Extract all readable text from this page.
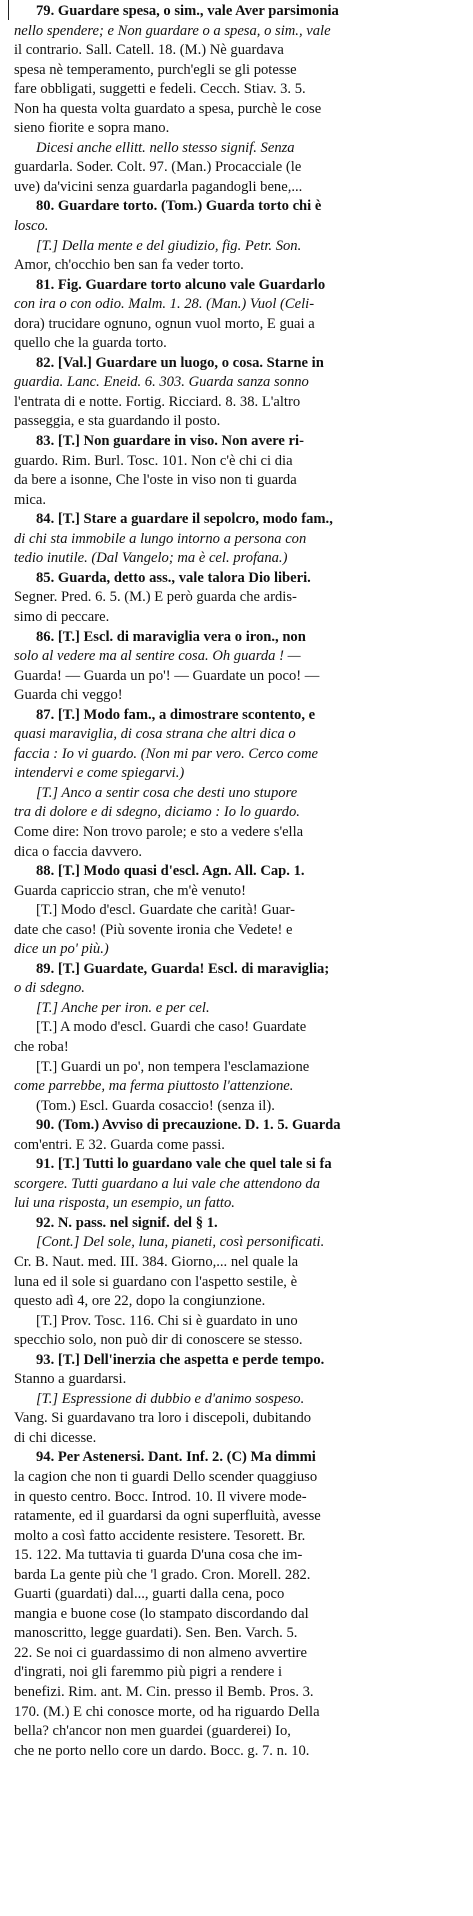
79. Guardare spesa, o sim., vale Aver parsimonia
nello spendere; e Non guardare o a spesa, o sim., vale
il contrario. Sall. Catell. 18. (M.) Nè guardava
spesa nè temperamento, purch'egli se gli potesse
fare obbligati, suggetti e fedeli. Cecch. Stiav. 3. 5.
Non ha questa volta guardato a spesa, purchè le cose
sieno fiorite e sopra mano.
Dicesi anche ellitt. nello stesso signif. Senza
guardarla. Soder. Colt. 97. (Man.) Procacciale (le
uve) da'vicini senza guardarla pagandogli bene,...
80. Guardare torto. (Tom.) Guarda torto chi è
losco.
[T.] Della mente e del giudizio, fig. Petr. Son.
Amor, ch'occhio ben san fa veder torto.
81. Fig. Guardare torto alcuno vale Guardarlo
con ira o con odio. Malm. 1. 28. (Man.) Vuol (Celi-
dora) trucidare ognuno, ognun vuol morto, E guai a
quello che la guarda torto.
82. [Val.] Guardare un luogo, o cosa. Starne in
guardia. Lanc. Eneid. 6. 303. Guarda sanza sonno
l'entrata di e notte. Fortig. Ricciard. 8. 38. L'altro
passeggia, e sta guardando il posto.
83. [T.] Non guardare in viso. Non avere ri-
guardo. Rim. Burl. Tosc. 101. Non c'è chi ci dia
da bere a isonne, Che l'oste in viso non ti guarda
mica.
84. [T.] Stare a guardare il sepolcro, modo fam.,
di chi sta immobile a lungo intorno a persona con
tedio inutile. (Dal Vangelo; ma è cel. profana.)
85. Guarda, detto ass., vale talora Dio liberi.
Segner. Pred. 6. 5. (M.) E però guarda che ardis-
simo di peccare.
86. [T.] Escl. di maraviglia vera o iron., non
solo al vedere ma al sentire cosa. Oh guarda ! —
Guarda! — Guarda un po'! — Guardate un poco! —
Guarda chi veggo!
87. [T.] Modo fam., a dimostrare scontento, e
quasi maraviglia, di cosa strana che altri dica o
faccia : Io vi guardo. (Non mi par vero. Cerco come
intendervi e come spiegarvi.)
[T.] Anco a sentir cosa che desti uno stupore
tra di dolore e di sdegno, diciamo : Io lo guardo.
Come dire: Non trovo parole; e sto a vedere s'ella
dica o faccia davvero.
88. [T.] Modo quasi d'escl. Agn. All. Cap. 1.
Guarda capriccio stran, che m'è venuto!
[T.] Modo d'escl. Guardate che carità! Guar-
date che caso! (Più sovente ironia che Vedete! e
dice un po' più.)
89. [T.] Guardate, Guarda! Escl. di maraviglia;
o di sdegno.
[T.] Anche per iron. e per cel.
[T.] A modo d'escl. Guardi che caso! Guardate
che roba!
[T.] Guardi un po', non tempera l'esclamazione
come parrebbe, ma ferma piuttosto l'attenzione.
(Tom.) Escl. Guarda cosaccio! (senza il).
90. (Tom.) Avviso di precauzione. D. 1. 5. Guarda
com'entri. E 32. Guarda come passi.
91. [T.] Tutti lo guardano vale che quel tale si fa
scorgere. Tutti guardano a lui vale che attendono da
lui una risposta, un esempio, un fatto.
92. N. pass. nel signif. del § 1.
[Cont.] Del sole, luna, pianeti, così personificati.
Cr. B. Naut. med. III. 384. Giorno,... nel quale la
luna ed il sole si guardano con l'aspetto sestile, è
questo adì 4, ore 22, dopo la congiunzione.
[T.] Prov. Tosc. 116. Chi si è guardato in uno
specchio solo, non può dir di conoscere se stesso.
93. [T.] Dell'inerzia che aspetta e perde tempo.
Stanno a guardarsi.
[T.] Espressione di dubbio e d'animo sospeso.
Vang. Si guardavano tra loro i discepoli, dubitando
di chi dicesse.
94. Per Astenersi. Dant. Inf. 2. (C) Ma dimmi
la cagion che non ti guardi Dello scender quaggiuso
in questo centro. Bocc. Introd. 10. Il vivere mode-
ratamente, ed il guardarsi da ogni superfluità, avesse
molto a così fatto accidente resistere. Tesorett. Br.
15. 122. Ma tuttavia ti guarda D'una cosa che im-
barda La gente più che 'l grado. Cron. Morell. 282.
Guarti (guardati) dal..., guarti dalla cena, poco
mangia e buone cose (lo stampato discordando dal
manoscritto, legge guardati). Sen. Ben. Varch. 5.
22. Se noi ci guardassimo di non almeno avvertire
d'ingrati, noi gli faremmo più pigri a rendere i
benefizi. Rim. ant. M. Cin. presso il Bemb. Pros. 3.
170. (M.) E chi conosce morte, od ha riguardo Della
bella? ch'ancor non men guardei (guarderei) Io,
che ne porto nello core un dardo. Bocc. g. 7. n. 10.
